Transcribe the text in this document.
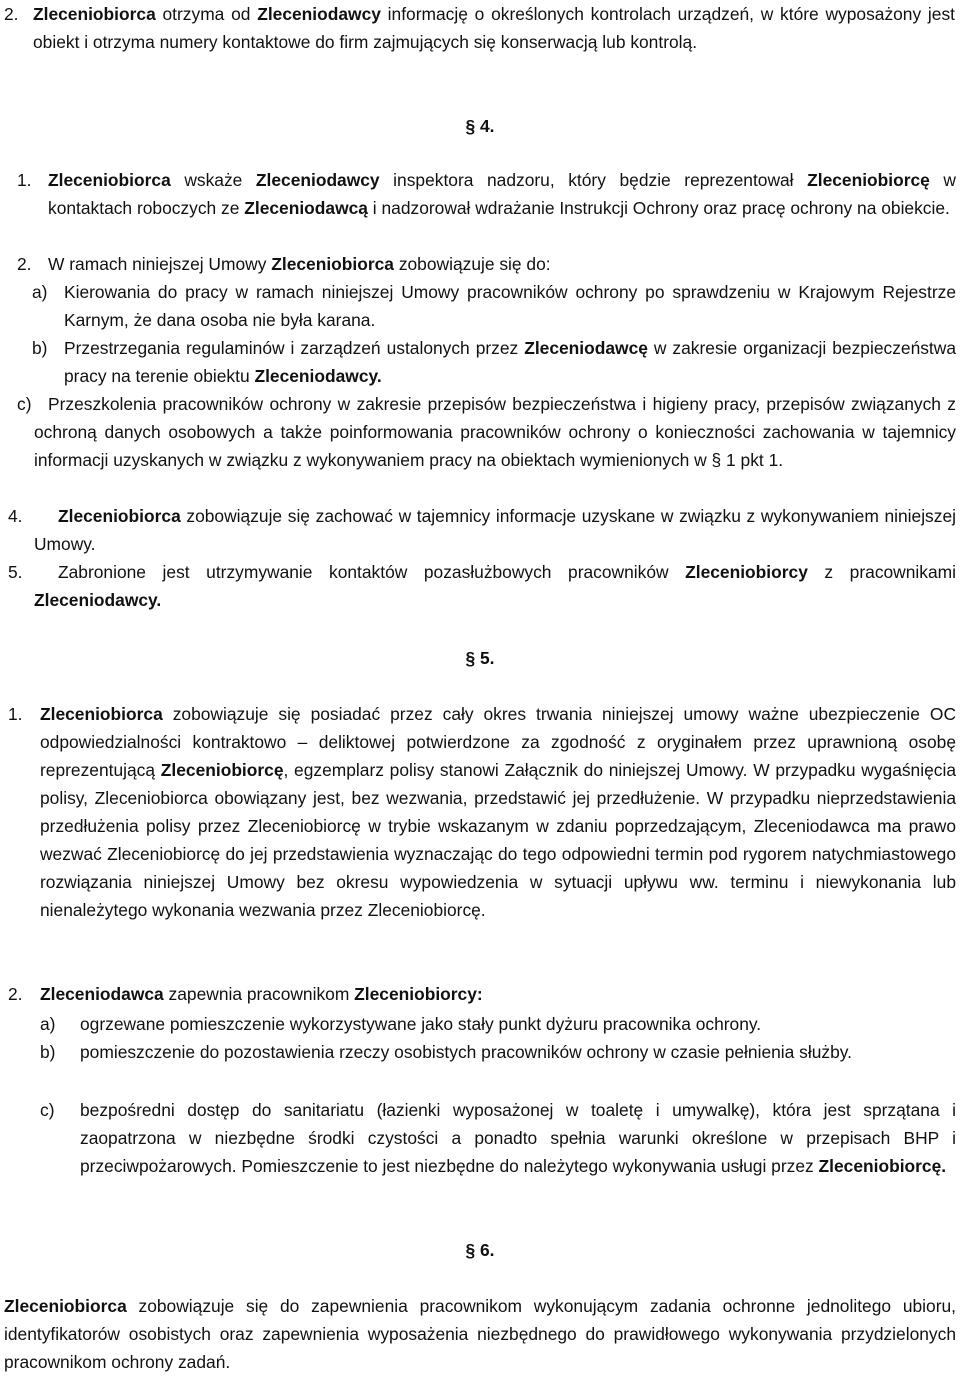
2. Zleceniobiorca otrzyma od Zleceniodawcy informację o określonych kontrolach urządzeń, w które wyposażony jest obiekt i otrzyma numery kontaktowe do firm zajmujących się konserwacją lub kontrolą.

§ 4.
1. Zleceniobiorca wskaże Zleceniodawcy inspektora nadzoru, który będzie reprezentował Zleceniobiorcę w kontaktach roboczych ze Zleceniodawcą i nadzorował wdrażanie Instrukcji Ochrony oraz pracę ochrony na obiekcie.

2. W ramach niniejszej Umowy Zleceniobiorca zobowiązuje się do:

a) Kierowania do pracy w ramach niniejszej Umowy pracowników ochrony po sprawdzeniu w Krajowym Rejestrze Karnym, że dana osoba nie była karana.

b) Przestrzegania regulaminów i zarządzeń ustalonych przez Zleceniodawcę w zakresie organizacji bezpieczeństwa pracy na terenie obiektu Zleceniodawcy.

c) Przeszkolenia pracowników ochrony w zakresie przepisów bezpieczeństwa i higieny pracy, przepisów związanych z ochroną danych osobowych a także poinformowania pracowników ochrony o konieczności zachowania w tajemnicy informacji uzyskanych w związku z wykonywaniem pracy na obiektach wymienionych w § 1 pkt 1.

4.	Zleceniobiorca zobowiązuje się zachować w tajemnicy informacje uzyskane w związku z wykonywaniem niniejszej Umowy.

5.	Zabronione jest utrzymywanie kontaktów pozasłużbowych pracowników Zleceniobiorcy z pracownikami Zleceniodawcy.

§ 5.
1. Zleceniobiorca zobowiązuje się posiadać przez cały okres trwania niniejszej umowy ważne ubezpieczenie OC odpowiedzialności kontraktowo – deliktowej potwierdzone za zgodność z oryginałem przez uprawnioną osobę reprezentującą Zleceniobiorcę, egzemplarz polisy stanowi Załącznik do niniejszej Umowy. W przypadku wygaśnięcia polisy, Zleceniobiorca obowiązany jest, bez wezwania, przedstawić jej przedłużenie. W przypadku nieprzedstawienia przedłużenia polisy przez Zleceniobiorcę w trybie wskazanym w zdaniu poprzedzającym, Zleceniodawca ma prawo wezwać Zleceniobiorcę do jej przedstawienia wyznaczając do tego odpowiedni termin pod rygorem natychmiastowego rozwiązania niniejszej Umowy bez okresu wypowiedzenia w sytuacji upływu ww. terminu i niewykonania lub nienależytego wykonania wezwania przez Zleceniobiorcę.

2. Zleceniodawca zapewnia pracownikom Zleceniobiorcy:

a) ogrzewane pomieszczenie wykorzystywane jako stały punkt dyżuru pracownika ochrony.

b) pomieszczenie do pozostawienia rzeczy osobistych pracowników ochrony w czasie pełnienia służby.

c) bezpośredni dostęp do sanitariatu (łazienki wyposażonej w toaletę i umywalkę), która jest sprzątana i zaopatrzona w niezbędne środki czystości a ponadto spełnia warunki określone w przepisach BHP i przeciwpożarowych. Pomieszczenie to jest niezbędne do należytego wykonywania usługi przez Zleceniobiorcę.

§ 6.

Zleceniobiorca zobowiązuje się do zapewnienia pracownikom wykonującym zadania ochronne jednolitego ubioru, identyfikatorów osobistych oraz zapewnienia wyposażenia niezbędnego do prawidłowego wykonywania przydzielonych pracownikom ochrony zadań.
